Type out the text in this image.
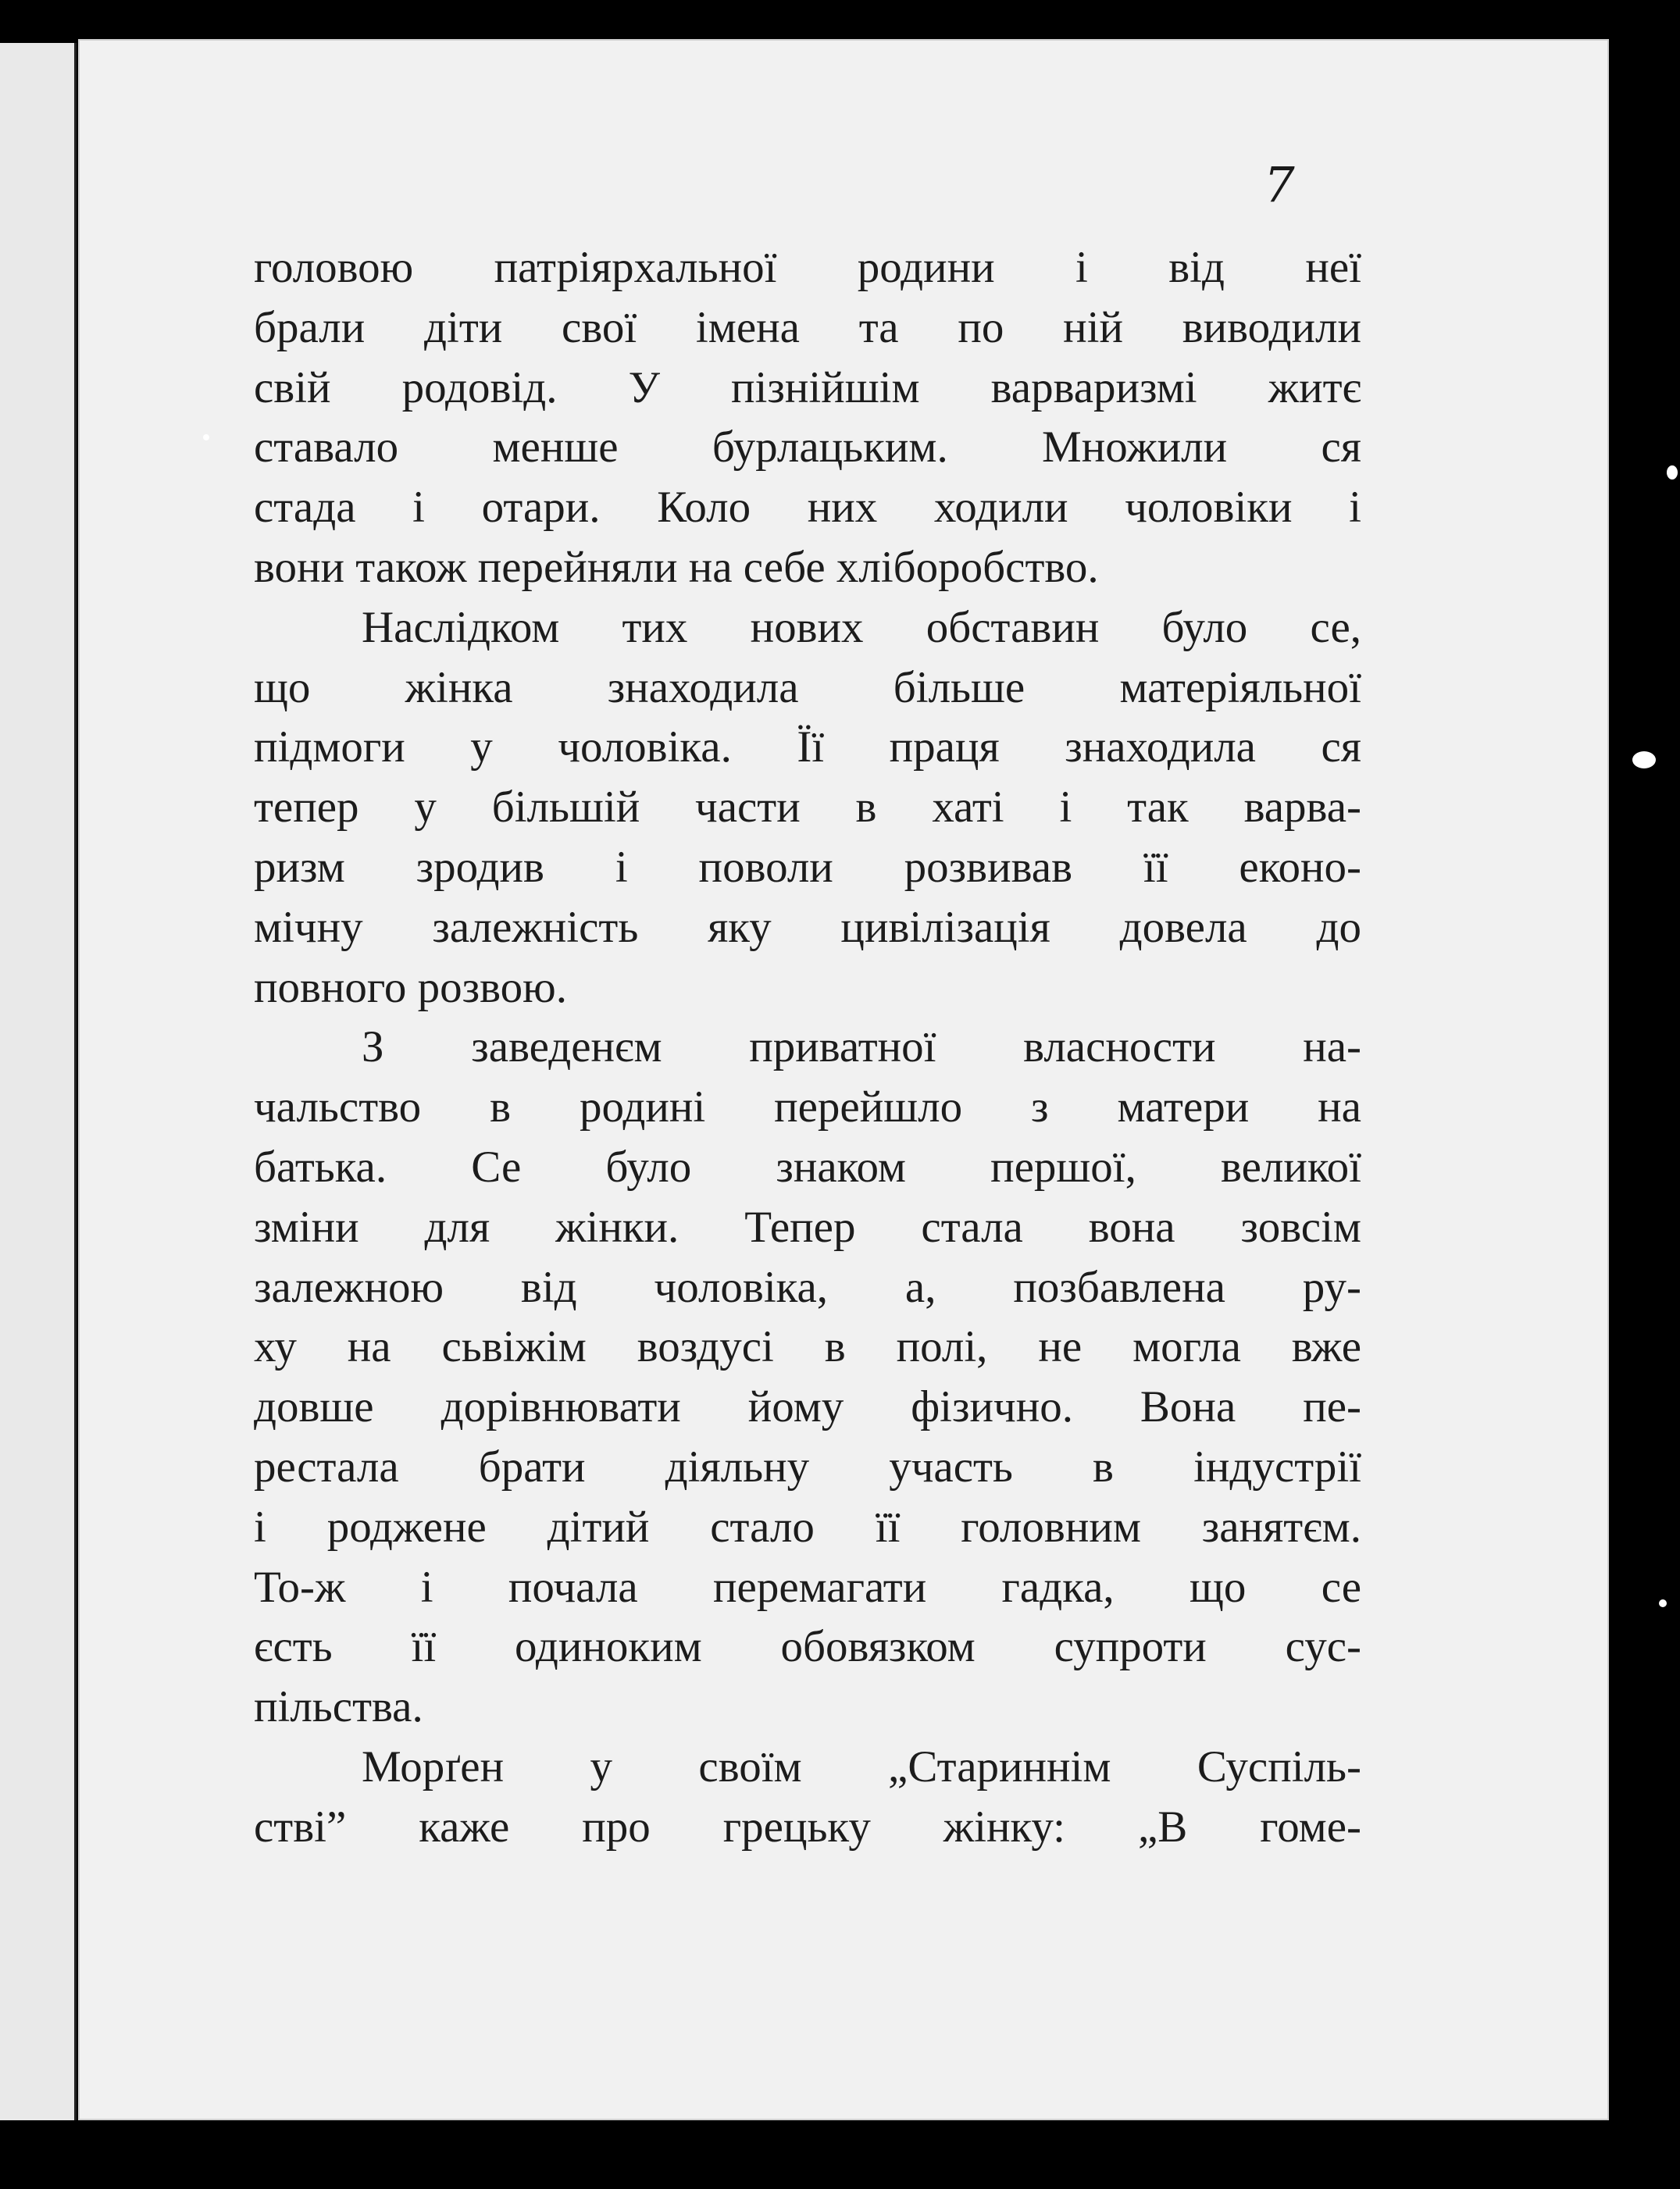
7
головою патріярхальної родини і від неї
брали діти свої імена та по ній виводили
свій родовід. У пізнійшім варваризмі житє
ставало менше бурлацьким. Множили ся
стада і отари. Коло них ходили чоловіки і
вони також перейняли на себе хліборобство.
Наслідком тих нових обставин було се,
що жінка знаходила більше матеріяльної
підмоги у чоловіка. Її праця знаходила ся
тепер у більшій части в хаті і так варва-
ризм зродив і поволи розвивав її еконо-
мічну залежність яку цивілізація довела до
повного розвою.
З заведенєм приватної власности на-
чальство в родині перейшло з матери на
батька. Се було знаком першої, великої
зміни для жінки. Тепер стала вона зовсім
залежною від чоловіка, а, позбавлена ру-
ху на сьвіжім воздусі в полі, не могла вже
довше дорівнювати йому фізично. Вона пе-
рестала брати діяльну участь в індустрії
і роджене дітий стало її головним занятєм.
То-ж і почала перемагати гадка, що се
єсть її одиноким обовязком супроти сус-
пільства.
Морґен у своїм „Стариннім Суспіль-
стві” каже про грецьку жінку: „В гоме-
